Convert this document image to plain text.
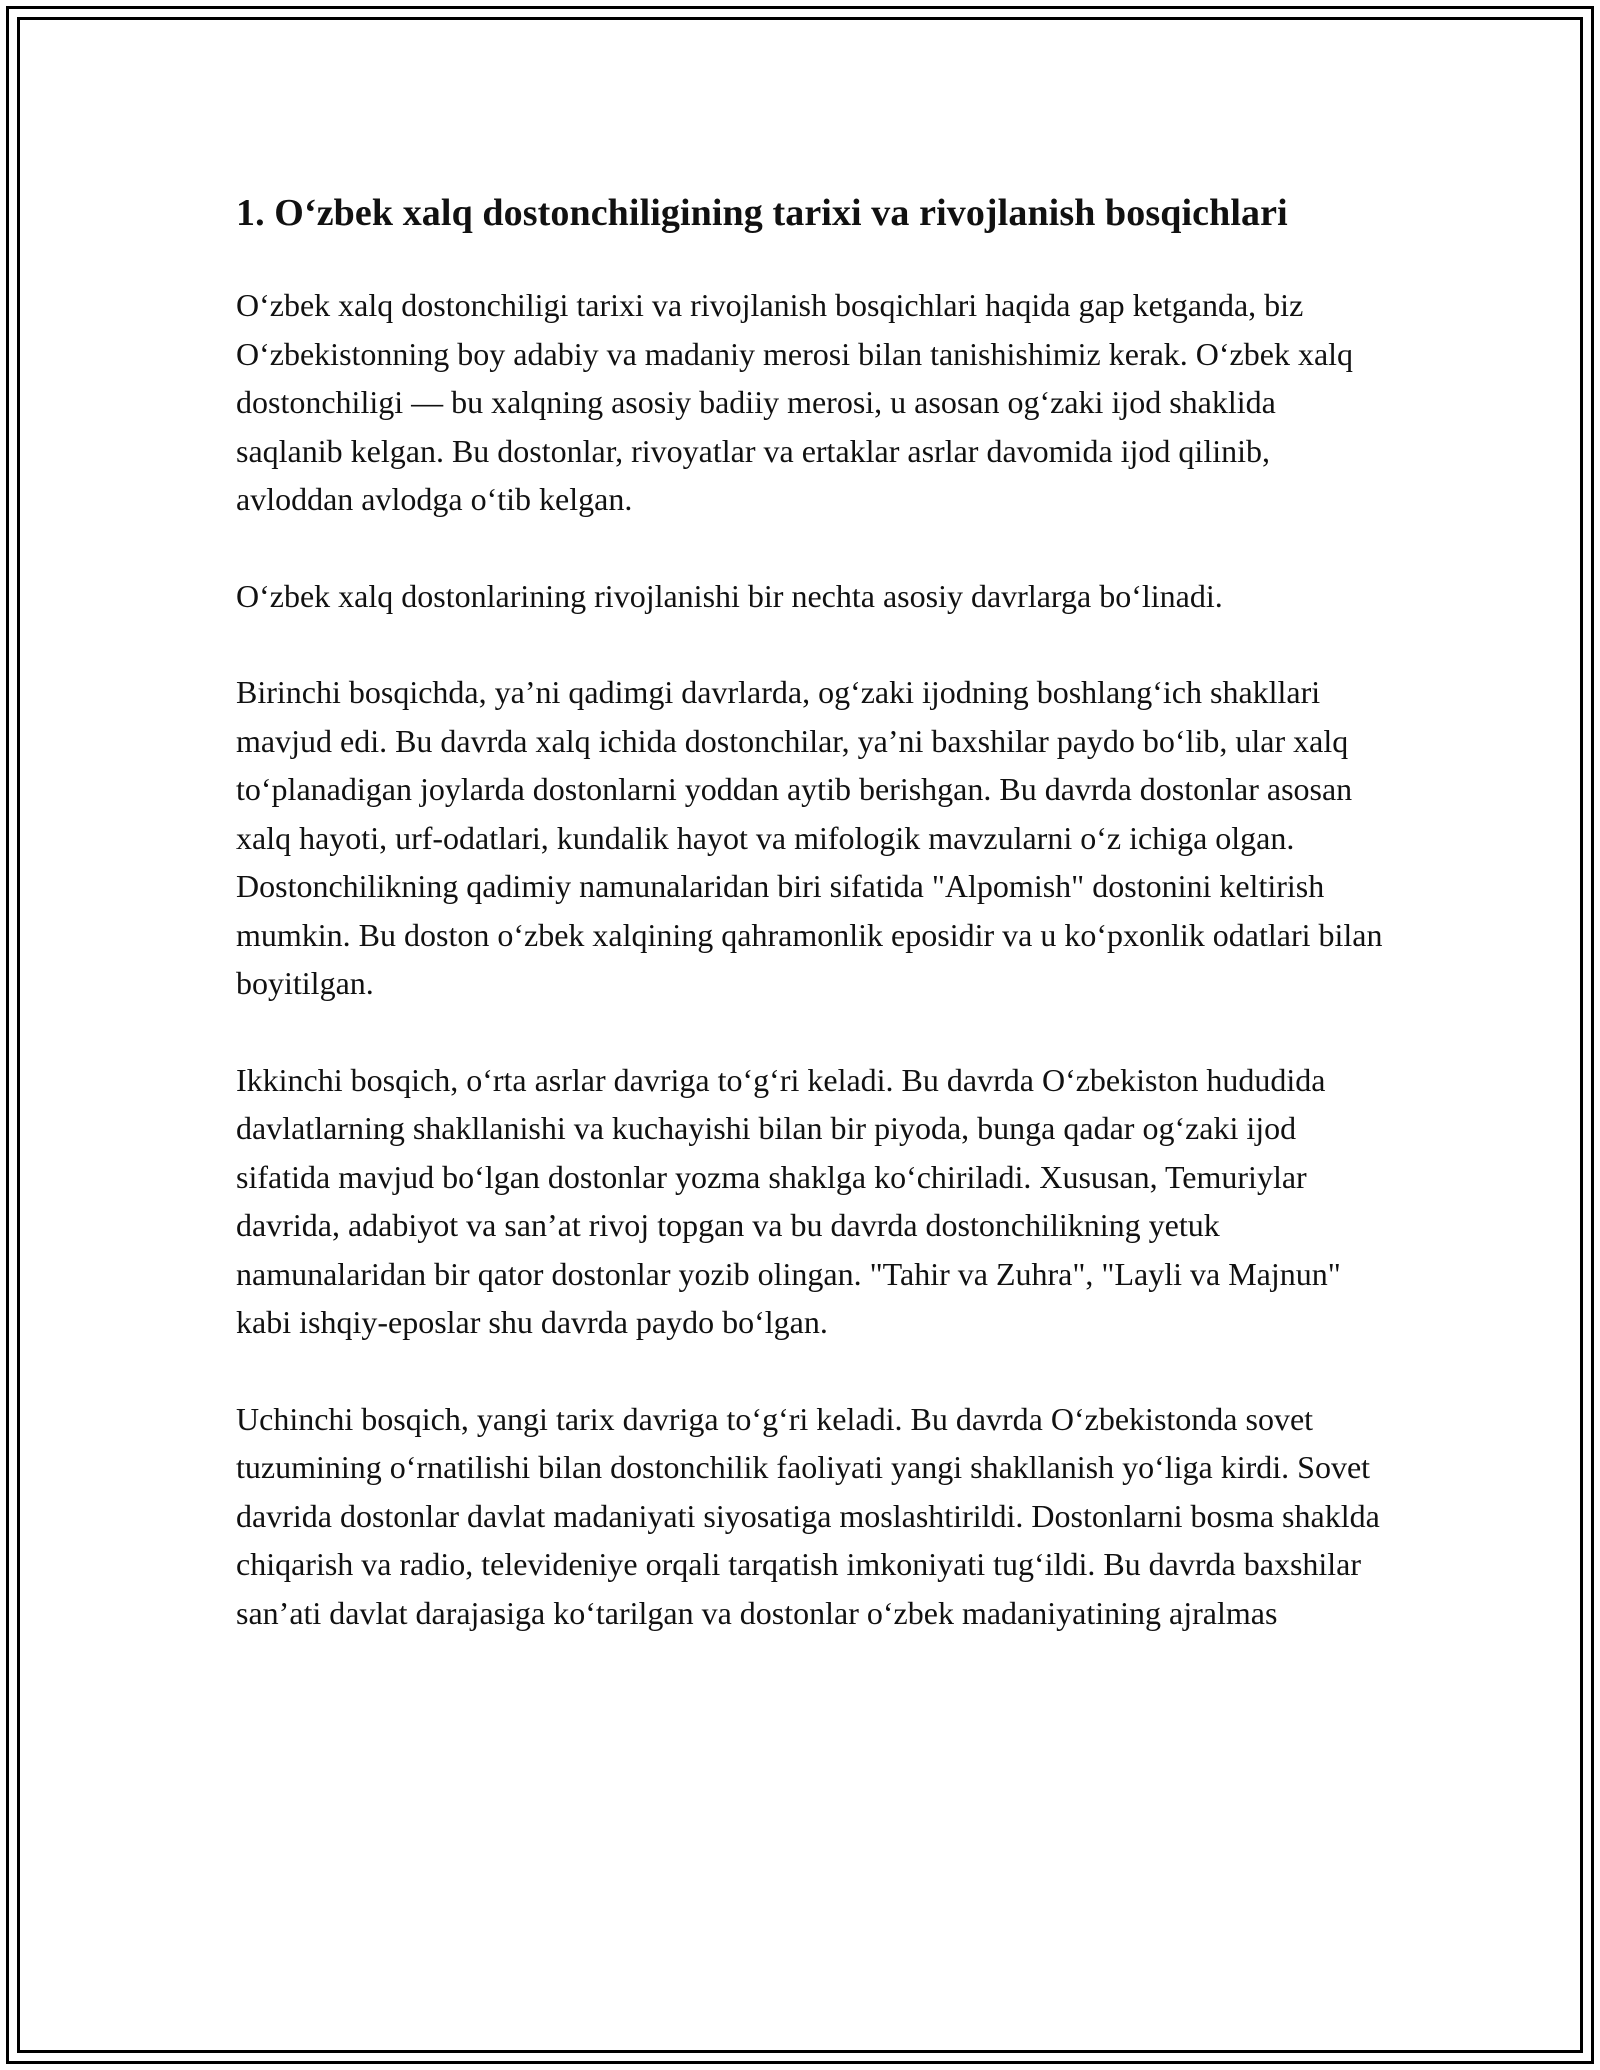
1. O‘zbek xalq dostonchiligining tarixi va rivojlanish bosqichlari

O‘zbek xalq dostonchiligi tarixi va rivojlanish bosqichlari haqida gap ketganda, biz O‘zbekistonning boy adabiy va madaniy merosi bilan tanishishimiz kerak. O‘zbek xalq dostonchiligi — bu xalqning asosiy badiiy merosi, u asosan og‘zaki ijod shaklida saqlanib kelgan. Bu dostonlar, rivoyatlar va ertaklar asrlar davomida ijod qilinib, avloddan avlodga o‘tib kelgan.

O‘zbek xalq dostonlarining rivojlanishi bir nechta asosiy davrlarga bo‘linadi.

Birinchi bosqichda, ya’ni qadimgi davrlarda, og‘zaki ijodning boshlang‘ich shakllari mavjud edi. Bu davrda xalq ichida dostonchilar, ya’ni baxshilar paydo bo‘lib, ular xalq to‘planadigan joylarda dostonlarni yoddan aytib berishgan. Bu davrda dostonlar asosan xalq hayoti, urf-odatlari, kundalik hayot va mifologik mavzularni o‘z ichiga olgan. Dostonchilikning qadimiy namunalaridan biri sifatida "Alpomish" dostonini keltirish mumkin. Bu doston o‘zbek xalqining qahramonlik eposidir va u ko‘pxonlik odatlari bilan boyitilgan.

Ikkinchi bosqich, o‘rta asrlar davriga to‘g‘ri keladi. Bu davrda O‘zbekiston hududida davlatlarning shakllanishi va kuchayishi bilan bir piyoda, bunga qadar og‘zaki ijod sifatida mavjud bo‘lgan dostonlar yozma shaklga ko‘chiriladi. Xususan, Temuriylar davrida, adabiyot va san’at rivoj topgan va bu davrda dostonchilikning yetuk namunalaridan bir qator dostonlar yozib olingan. "Tahir va Zuhra", "Layli va Majnun" kabi ishqiy-eposlar shu davrda paydo bo‘lgan.

Uchinchi bosqich, yangi tarix davriga to‘g‘ri keladi. Bu davrda O‘zbekistonda sovet tuzumining o‘rnatilishi bilan dostonchilik faoliyati yangi shakllanish yo‘liga kirdi. Sovet davrida dostonlar davlat madaniyati siyosatiga moslashtirildi. Dostonlarni bosma shaklda chiqarish va radio, televideniye orqali tarqatish imkoniyati tug‘ildi. Bu davrda baxshilar san’ati davlat darajasiga ko‘tarilgan va dostonlar o‘zbek madaniyatining ajralmas
